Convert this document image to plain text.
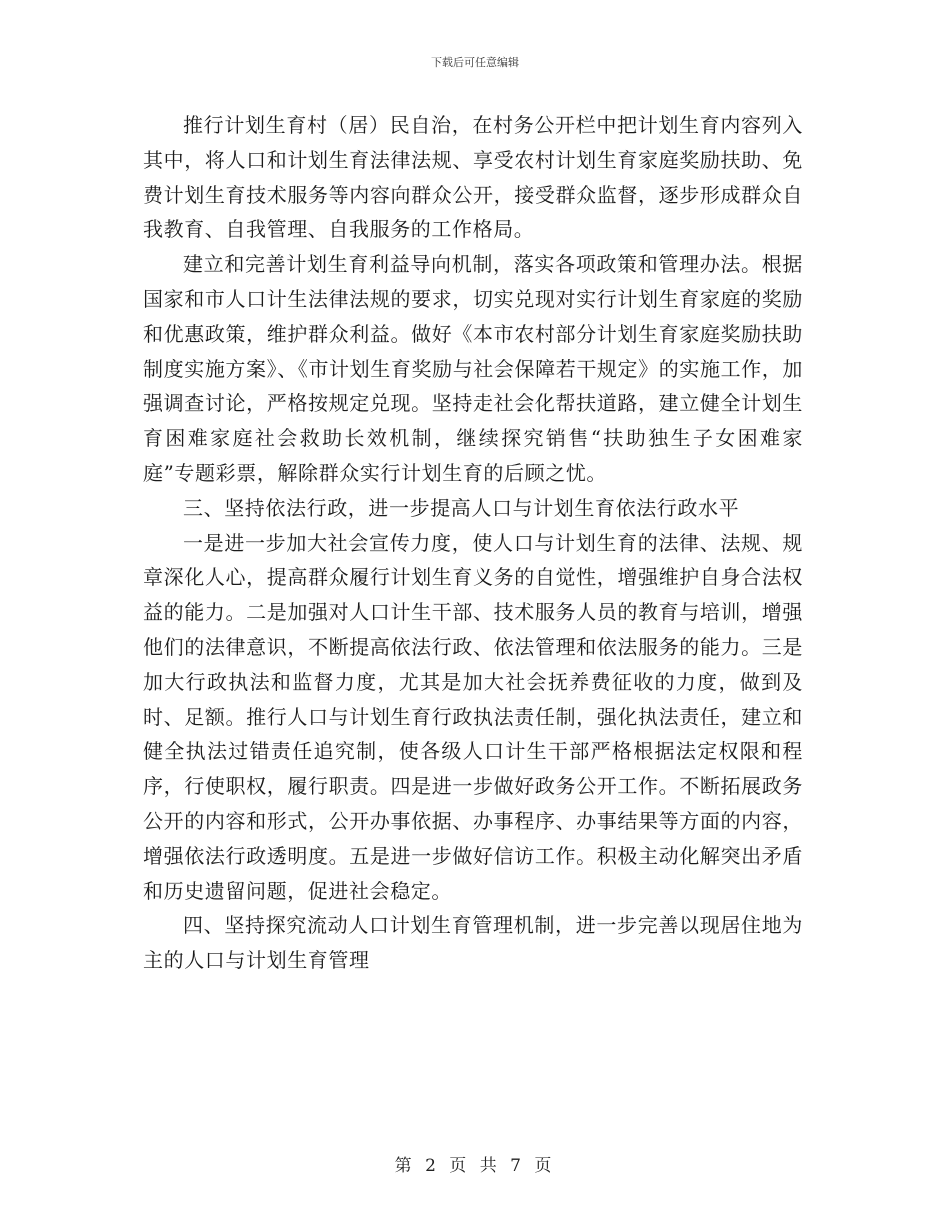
下载后可任意编辑

推行计划生育村（居）民自治，在村务公开栏中把计划生育内容列入其中，将人口和计划生育法律法规、享受农村计划生育家庭奖励扶助、免费计划生育技术服务等内容向群众公开，接受群众监督，逐步形成群众自我教育、自我管理、自我服务的工作格局。

建立和完善计划生育利益导向机制，落实各项政策和管理办法。根据国家和市人口计生法律法规的要求，切实兑现对实行计划生育家庭的奖励和优惠政策，维护群众利益。做好《本市农村部分计划生育家庭奖励扶助制度实施方案》、《市计划生育奖励与社会保障若干规定》的实施工作，加强调查讨论，严格按规定兑现。坚持走社会化帮扶道路，建立健全计划生育困难家庭社会救助长效机制，继续探究销售“扶助独生子女困难家庭”专题彩票，解除群众实行计划生育的后顾之忧。

三、坚持依法行政，进一步提高人口与计划生育依法行政水平

一是进一步加大社会宣传力度，使人口与计划生育的法律、法规、规章深化人心，提高群众履行计划生育义务的自觉性，增强维护自身合法权益的能力。二是加强对人口计生干部、技术服务人员的教育与培训，增强他们的法律意识，不断提高依法行政、依法管理和依法服务的能力。三是加大行政执法和监督力度，尤其是加大社会抚养费征收的力度，做到及时、足额。推行人口与计划生育行政执法责任制，强化执法责任，建立和健全执法过错责任追究制，使各级人口计生干部严格根据法定权限和程序，行使职权，履行职责。四是进一步做好政务公开工作。不断拓展政务公开的内容和形式，公开办事依据、办事程序、办事结果等方面的内容，增强依法行政透明度。五是进一步做好信访工作。积极主动化解突出矛盾和历史遗留问题，促进社会稳定。

四、坚持探究流动人口计划生育管理机制，进一步完善以现居住地为主的人口与计划生育管理

第 2 页 共 7 页
